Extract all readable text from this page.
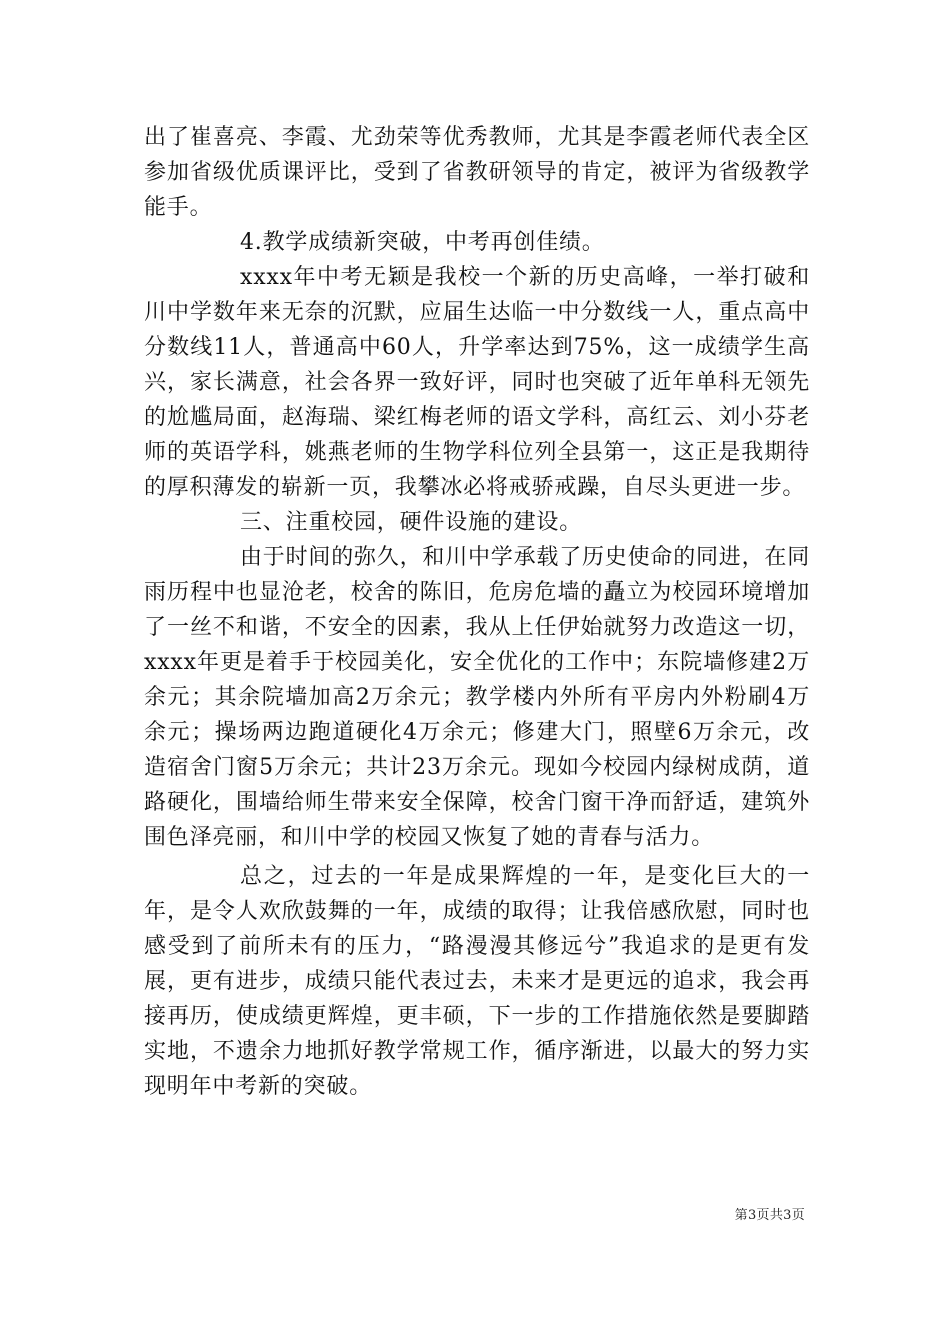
出了崔喜亮、李霞、尤劲荣等优秀教师，尤其是李霞老师代表全区参加省级优质课评比，受到了省教研领导的肯定，被评为省级教学能手。

4.教学成绩新突破，中考再创佳绩。

xxxx年中考无颖是我校一个新的历史高峰，一举打破和川中学数年来无奈的沉默，应届生达临一中分数线一人，重点高中分数线11人，普通高中60人，升学率达到75%，这一成绩学生高兴，家长满意，社会各界一致好评，同时也突破了近年单科无领先的尬尴局面，赵海瑞、梁红梅老师的语文学科，高红云、刘小芬老师的英语学科，姚燕老师的生物学科位列全县第一，这正是我期待的厚积薄发的崭新一页，我攀冰必将戒骄戒躁，自尽头更进一步。

三、注重校园，硬件设施的建设。

由于时间的弥久，和川中学承载了历史使命的同进，在同雨历程中也显沧老，校舍的陈旧，危房危墙的矗立为校园环境增加了一丝不和谐，不安全的因素，我从上任伊始就努力改造这一切，xxxx年更是着手于校园美化，安全优化的工作中；东院墙修建2万余元；其余院墙加高2万余元；教学楼内外所有平房内外粉刷4万余元；操场两边跑道硬化4万余元；修建大门，照壁6万余元，改造宿舍门窗5万余元；共计23万余元。现如今校园内绿树成荫，道路硬化，围墙给师生带来安全保障，校舍门窗干净而舒适，建筑外围色泽亮丽，和川中学的校园又恢复了她的青春与活力。

总之，过去的一年是成果辉煌的一年，是变化巨大的一年，是令人欢欣鼓舞的一年，成绩的取得；让我倍感欣慰，同时也感受到了前所未有的压力，“路漫漫其修远兮”我追求的是更有发展，更有进步，成绩只能代表过去，未来才是更远的追求，我会再接再历，使成绩更辉煌，更丰硕，下一步的工作措施依然是要脚踏实地，不遗余力地抓好教学常规工作，循序渐进，以最大的努力实现明年中考新的突破。

第3页共3页
